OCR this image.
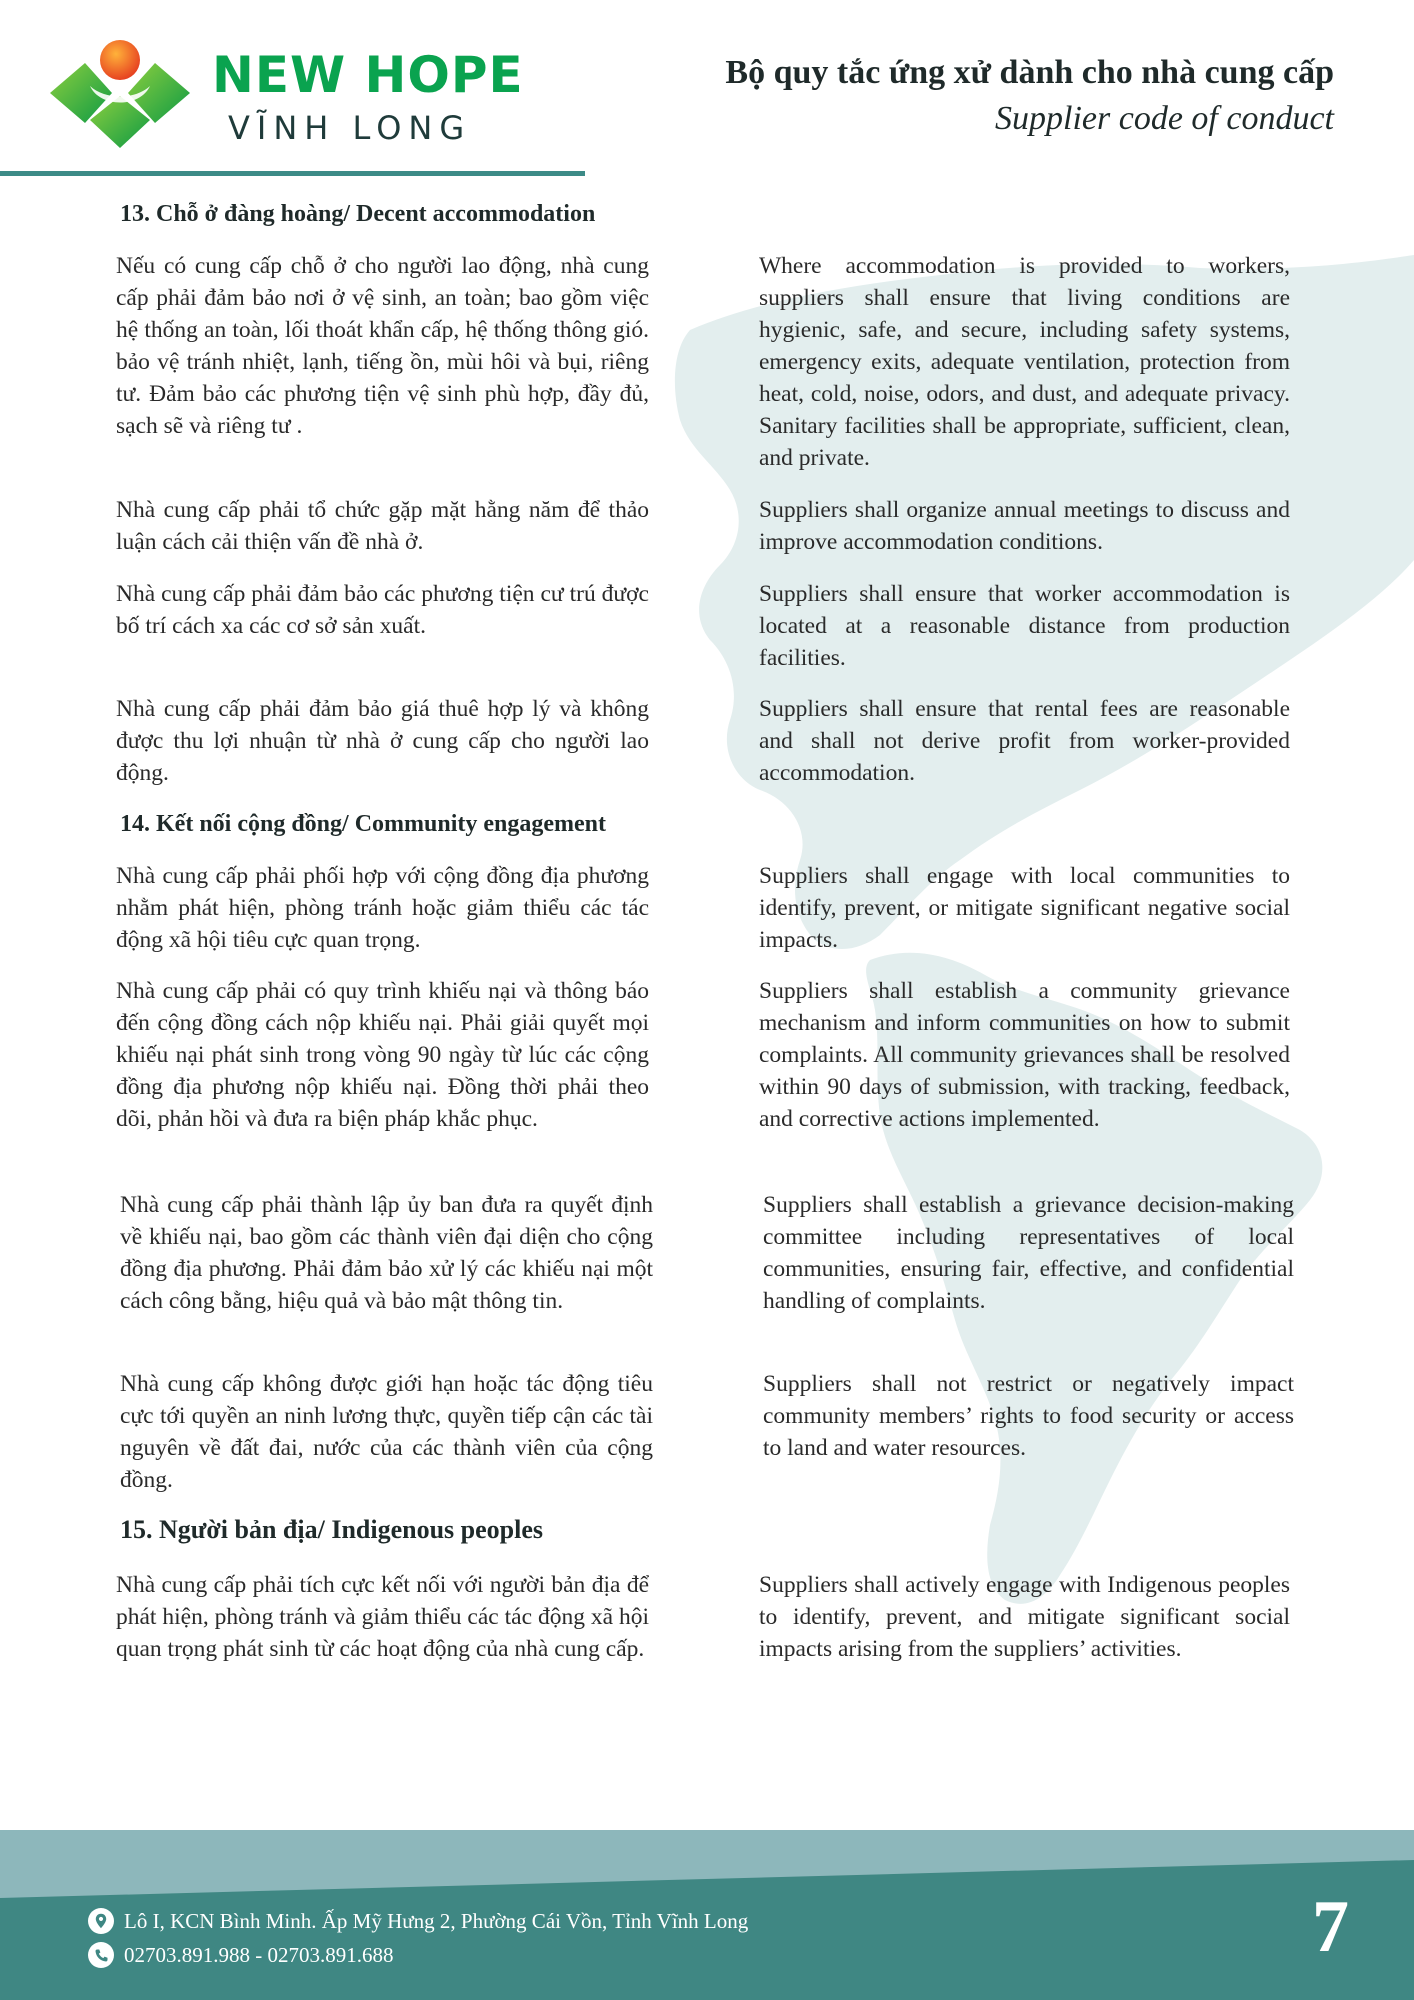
NEW HOPE
VĨNH LONG
Bộ quy tắc ứng xử dành cho nhà cung cấp
Supplier code of conduct
13. Chỗ ở đàng hoàng/ Decent accommodation

Nếu có cung cấp chỗ ở cho người lao động, nhà cung cấp phải đảm bảo nơi ở vệ sinh, an toàn; bao gồm việc hệ thống an toàn, lối thoát khẩn cấp, hệ thống thông gió. bảo vệ tránh nhiệt, lạnh, tiếng ồn, mùi hôi và bụi, riêng tư. Đảm bảo các phương tiện vệ sinh phù hợp, đầy đủ, sạch sẽ và riêng tư .

Where accommodation is provided to workers, suppliers shall ensure that living conditions are hygienic, safe, and secure, including safety systems, emergency exits, adequate ventilation, protection from heat, cold, noise, odors, and dust, and adequate privacy. Sanitary facilities shall be appropriate, sufficient, clean, and private.

Nhà cung cấp phải tổ chức gặp mặt hằng năm để thảo luận cách cải thiện vấn đề nhà ở.

Suppliers shall organize annual meetings to discuss and improve accommodation conditions.

Nhà cung cấp phải đảm bảo các phương tiện cư trú được bố trí cách xa các cơ sở sản xuất.

Suppliers shall ensure that worker accommodation is located at a reasonable distance from production facilities.

Nhà cung cấp phải đảm bảo giá thuê hợp lý và không được thu lợi nhuận từ nhà ở cung cấp cho người lao động.

Suppliers shall ensure that rental fees are reasonable and shall not derive profit from worker-provided accommodation.

14. Kết nối cộng đồng/ Community engagement

Nhà cung cấp phải phối hợp với cộng đồng địa phương nhằm phát hiện, phòng tránh hoặc giảm thiểu các tác động xã hội tiêu cực quan trọng.

Suppliers shall engage with local communities to identify, prevent, or mitigate significant negative social impacts.

Nhà cung cấp phải có quy trình khiếu nại và thông báo đến cộng đồng cách nộp khiếu nại. Phải giải quyết mọi khiếu nại phát sinh trong vòng 90 ngày từ lúc các cộng đồng địa phương nộp khiếu nại. Đồng thời phải theo dõi, phản hồi và đưa ra biện pháp khắc phục.

Suppliers shall establish a community grievance mechanism and inform communities on how to submit complaints. All community grievances shall be resolved within 90 days of submission, with tracking, feedback, and corrective actions implemented.

Nhà cung cấp phải thành lập ủy ban đưa ra quyết định về khiếu nại, bao gồm các thành viên đại diện cho cộng đồng địa phương. Phải đảm bảo xử lý các khiếu nại một cách công bằng, hiệu quả và bảo mật thông tin.

Suppliers shall establish a grievance decision-making committee including representatives of local communities, ensuring fair, effective, and confidential handling of complaints.

Nhà cung cấp không được giới hạn hoặc tác động tiêu cực tới quyền an ninh lương thực, quyền tiếp cận các tài nguyên về đất đai, nước của các thành viên của cộng đồng.

Suppliers shall not restrict or negatively impact community members’ rights to food security or access to land and water resources.

15. Người bản địa/ Indigenous peoples

Nhà cung cấp phải tích cực kết nối với người bản địa để phát hiện, phòng tránh và giảm thiểu các tác động xã hội quan trọng phát sinh từ các hoạt động của nhà cung cấp.

Suppliers shall actively engage with Indigenous peoples to identify, prevent, and mitigate significant social impacts arising from the suppliers’ activities.

Lô I, KCN Bình Minh. Ấp Mỹ Hưng 2, Phường Cái Vồn, Tỉnh Vĩnh Long
02703.891.988 - 02703.891.688	7
